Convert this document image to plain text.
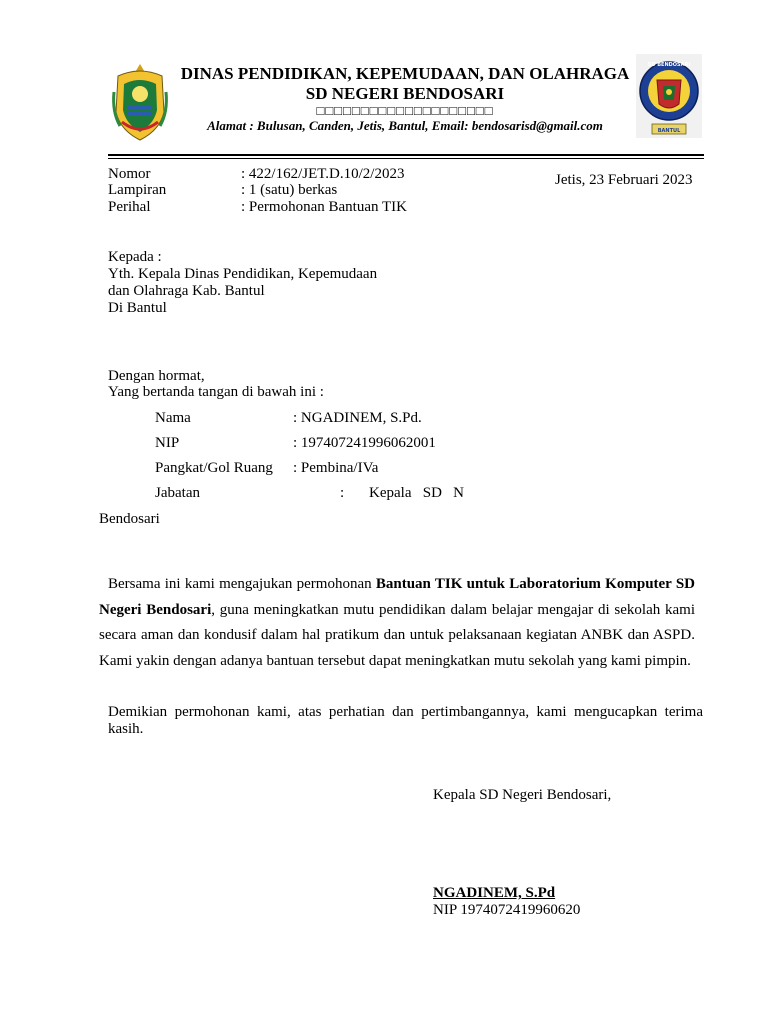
SD BENDOSARI
BANTUL
DINAS PENDIDIKAN, KEPEMUDAAN, DAN OLAHRAGA
SD NEGERI BENDOSARI
□□□□□□□□□□□□□□□□□□□□
Alamat : Bulusan, Canden, Jetis, Bantul, Email: bendosarisd@gmail.com
Nomor	: 422/162/JET.D.10/2/2023
Lampiran	: 1 (satu) berkas
Perihal	: Permohonan Bantuan TIK
Jetis, 23 Februari 2023
Kepada :
Yth. Kepala Dinas Pendidikan, Kepemudaan
dan Olahraga Kab. Bantul
Di Bantul
Dengan hormat,
Yang bertanda tangan di bawah ini :
Nama	: NGADINEM, S.Pd.
NIP	: 197407241996062001
Pangkat/Gol Ruang : Pembina/IVa
Jabatan	: Kepala   SD   N
Bendosari
Bersama ini kami mengajukan permohonan Bantuan TIK untuk Laboratorium Komputer SD Negeri Bendosari, guna meningkatkan mutu pendidikan dalam belajar mengajar di sekolah kami secara aman dan kondusif dalam hal pratikum dan untuk pelaksanaan kegiatan ANBK dan ASPD. Kami yakin dengan adanya bantuan tersebut dapat meningkatkan mutu sekolah yang kami pimpin.
Demikian permohonan kami, atas perhatian dan pertimbangannya, kami mengucapkan terima kasih.
Kepala SD Negeri Bendosari,
NGADINEM, S.Pd
NIP 1974072419960620
